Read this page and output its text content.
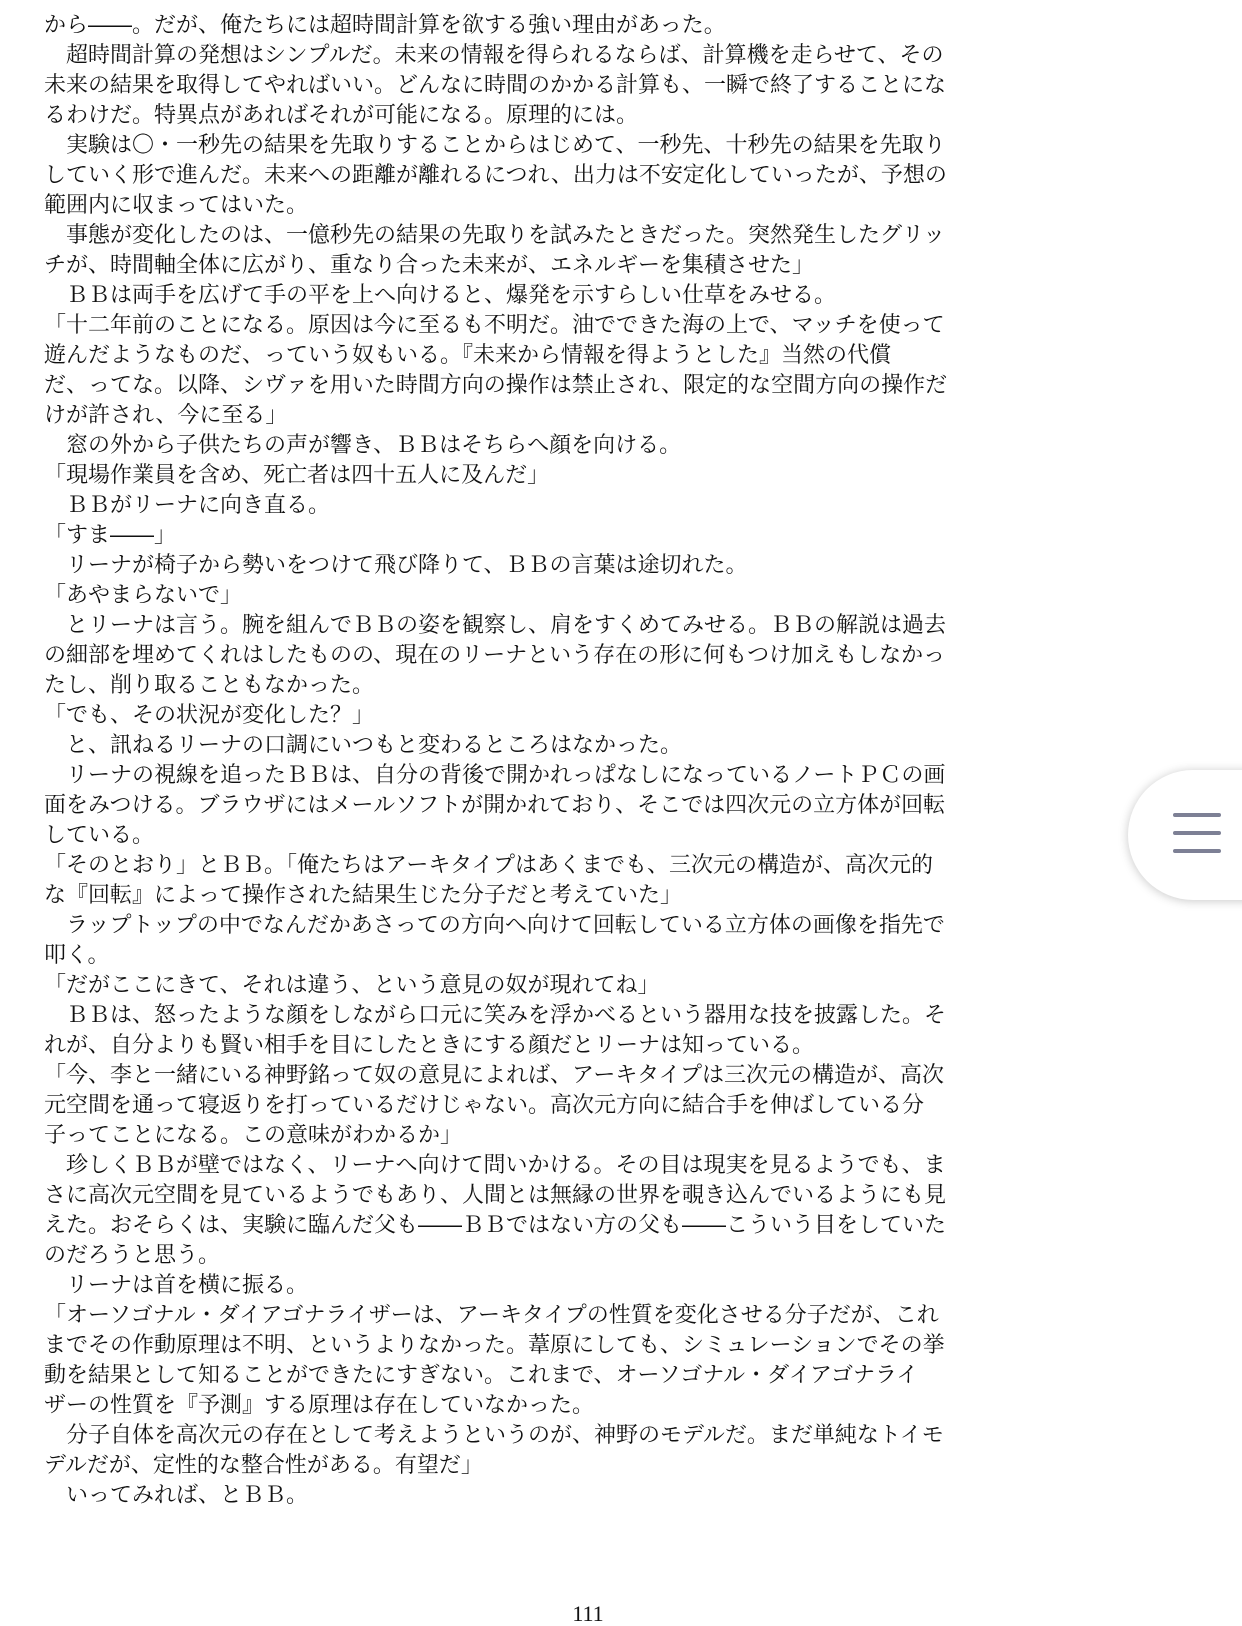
から――。だが、俺たちには超時間計算を欲する強い理由があった。
　超時間計算の発想はシンプルだ。未来の情報を得られるならば、計算機を走らせて、その
未来の結果を取得してやればいい。どんなに時間のかかる計算も、一瞬で終了することにな
るわけだ。特異点があればそれが可能になる。原理的には。
　実験は〇・一秒先の結果を先取りすることからはじめて、一秒先、十秒先の結果を先取り
していく形で進んだ。未来への距離が離れるにつれ、出力は不安定化していったが、予想の
範囲内に収まってはいた。
　事態が変化したのは、一億秒先の結果の先取りを試みたときだった。突然発生したグリッ
チが、時間軸全体に広がり、重なり合った未来が、エネルギーを集積させた」
　ＢＢは両手を広げて手の平を上へ向けると、爆発を示すらしい仕草をみせる。
「十二年前のことになる。原因は今に至るも不明だ。油でできた海の上で、マッチを使って
遊んだようなものだ、っていう奴もいる。『未来から情報を得ようとした』当然の代償
だ、ってな。以降、シヴァを用いた時間方向の操作は禁止され、限定的な空間方向の操作だ
けが許され、今に至る」
　窓の外から子供たちの声が響き、ＢＢはそちらへ顔を向ける。
「現場作業員を含め、死亡者は四十五人に及んだ」
　ＢＢがリーナに向き直る。
「すま――」
　リーナが椅子から勢いをつけて飛び降りて、ＢＢの言葉は途切れた。
「あやまらないで」
　とリーナは言う。腕を組んでＢＢの姿を観察し、肩をすくめてみせる。ＢＢの解説は過去
の細部を埋めてくれはしたものの、現在のリーナという存在の形に何もつけ加えもしなかっ
たし、削り取ることもなかった。
「でも、その状況が変化した？」
　と、訊ねるリーナの口調にいつもと変わるところはなかった。
　リーナの視線を追ったＢＢは、自分の背後で開かれっぱなしになっているノートＰＣの画
面をみつける。ブラウザにはメールソフトが開かれており、そこでは四次元の立方体が回転
している。
「そのとおり」とＢＢ。「俺たちはアーキタイプはあくまでも、三次元の構造が、高次元的
な『回転』によって操作された結果生じた分子だと考えていた」
　ラップトップの中でなんだかあさっての方向へ向けて回転している立方体の画像を指先で
叩く。
「だがここにきて、それは違う、という意見の奴が現れてね」
　ＢＢは、怒ったような顔をしながら口元に笑みを浮かべるという器用な技を披露した。そ
れが、自分よりも賢い相手を目にしたときにする顔だとリーナは知っている。
「今、李と一緒にいる神野銘って奴の意見によれば、アーキタイプは三次元の構造が、高次
元空間を通って寝返りを打っているだけじゃない。高次元方向に結合手を伸ばしている分
子ってことになる。この意味がわかるか」
　珍しくＢＢが壁ではなく、リーナへ向けて問いかける。その目は現実を見るようでも、ま
さに高次元空間を見ているようでもあり、人間とは無縁の世界を覗き込んでいるようにも見
えた。おそらくは、実験に臨んだ父も――ＢＢではない方の父も――こういう目をしていた
のだろうと思う。
　リーナは首を横に振る。
「オーソゴナル・ダイアゴナライザーは、アーキタイプの性質を変化させる分子だが、これ
までその作動原理は不明、というよりなかった。葦原にしても、シミュレーションでその挙
動を結果として知ることができたにすぎない。これまで、オーソゴナル・ダイアゴナライ
ザーの性質を『予測』する原理は存在していなかった。
　分子自体を高次元の存在として考えようというのが、神野のモデルだ。まだ単純なトイモ
デルだが、定性的な整合性がある。有望だ」
　いってみれば、とＢＢ。
111
